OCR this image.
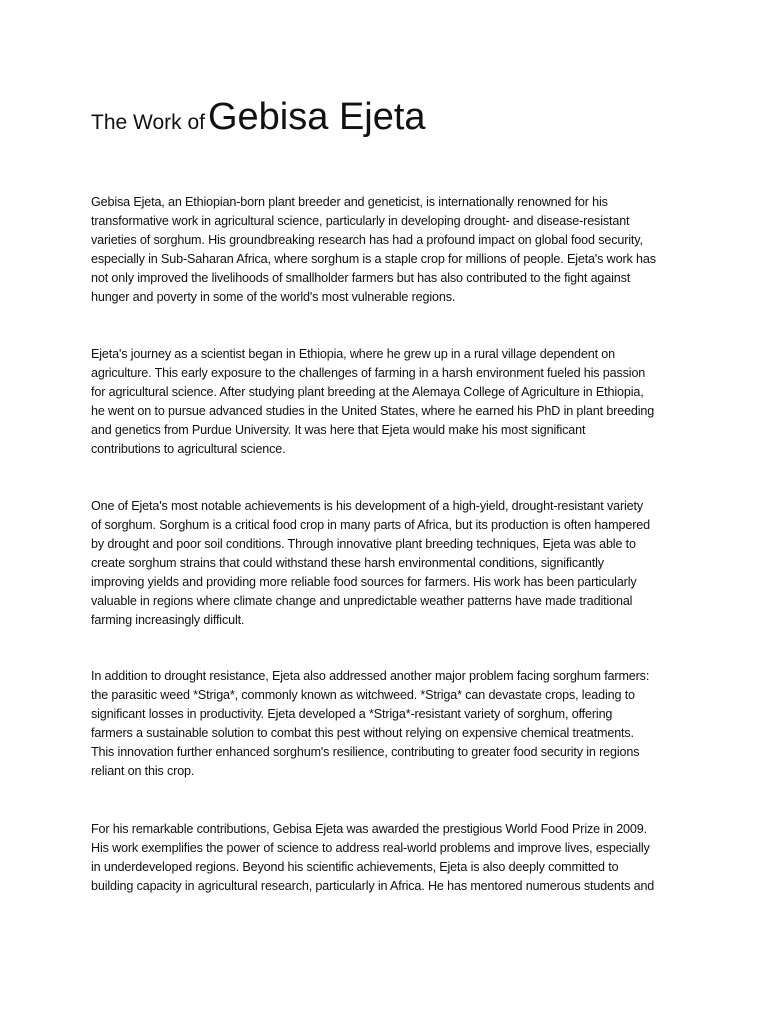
The Work ofGebisa Ejeta

Gebisa Ejeta, an Ethiopian-born plant breeder and geneticist, is internationally renowned for his
transformative work in agricultural science, particularly in developing drought- and disease-resistant
varieties of sorghum. His groundbreaking research has had a profound impact on global food security,
especially in Sub-Saharan Africa, where sorghum is a staple crop for millions of people. Ejeta's work has
not only improved the livelihoods of smallholder farmers but has also contributed to the fight against
hunger and poverty in some of the world's most vulnerable regions.

Ejeta's journey as a scientist began in Ethiopia, where he grew up in a rural village dependent on
agriculture. This early exposure to the challenges of farming in a harsh environment fueled his passion
for agricultural science. After studying plant breeding at the Alemaya College of Agriculture in Ethiopia,
he went on to pursue advanced studies in the United States, where he earned his PhD in plant breeding
and genetics from Purdue University. It was here that Ejeta would make his most significant
contributions to agricultural science.

One of Ejeta's most notable achievements is his development of a high-yield, drought-resistant variety
of sorghum. Sorghum is a critical food crop in many parts of Africa, but its production is often hampered
by drought and poor soil conditions. Through innovative plant breeding techniques, Ejeta was able to
create sorghum strains that could withstand these harsh environmental conditions, significantly
improving yields and providing more reliable food sources for farmers. His work has been particularly
valuable in regions where climate change and unpredictable weather patterns have made traditional
farming increasingly difficult.

In addition to drought resistance, Ejeta also addressed another major problem facing sorghum farmers:
the parasitic weed *Striga*, commonly known as witchweed. *Striga* can devastate crops, leading to
significant losses in productivity. Ejeta developed a *Striga*-resistant variety of sorghum, offering
farmers a sustainable solution to combat this pest without relying on expensive chemical treatments.
This innovation further enhanced sorghum's resilience, contributing to greater food security in regions
reliant on this crop.

For his remarkable contributions, Gebisa Ejeta was awarded the prestigious World Food Prize in 2009.
His work exemplifies the power of science to address real-world problems and improve lives, especially
in underdeveloped regions. Beyond his scientific achievements, Ejeta is also deeply committed to
building capacity in agricultural research, particularly in Africa. He has mentored numerous students and
